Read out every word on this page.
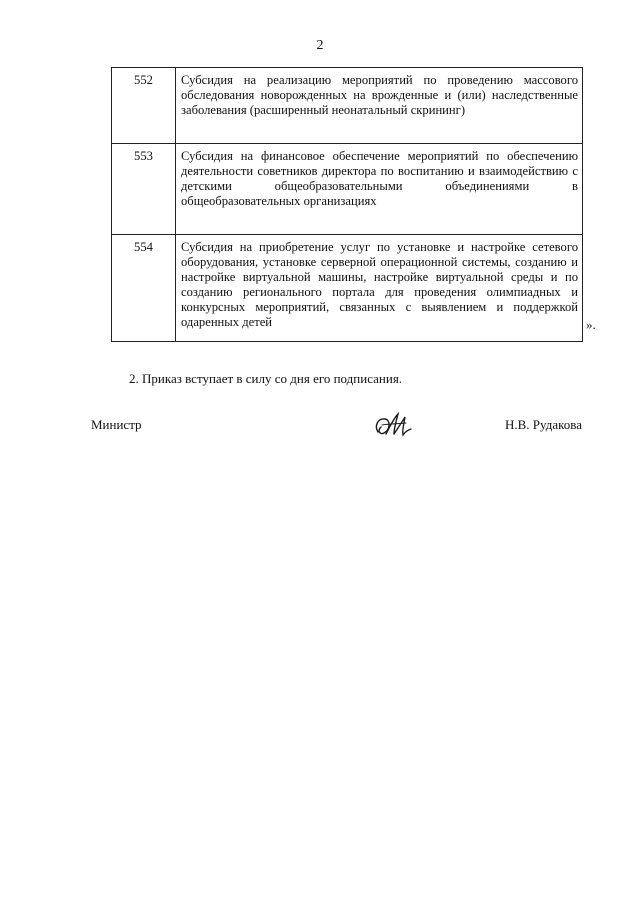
2
552	Субсидия на реализацию мероприятий по проведению массового обследования новорожденных на врожденные и (или) наследственные заболевания (расширенный неонатальный скрининг)
553	Субсидия на финансовое обеспечение мероприятий по обеспечению деятельности советников директора по воспитанию и взаимодействию с детскими общеобразовательными объединениями в общеобразовательных организациях
554	Субсидия на приобретение услуг по установке и настройке сетевого оборудования, установке серверной операционной системы, созданию и настройке виртуальной машины, настройке виртуальной среды и по созданию регионального портала для проведения олимпиадных и конкурсных мероприятий, связанных с выявлением и поддержкой одаренных детей	».
2. Приказ вступает в силу со дня его подписания.
Министр	Н.В. Рудакова
